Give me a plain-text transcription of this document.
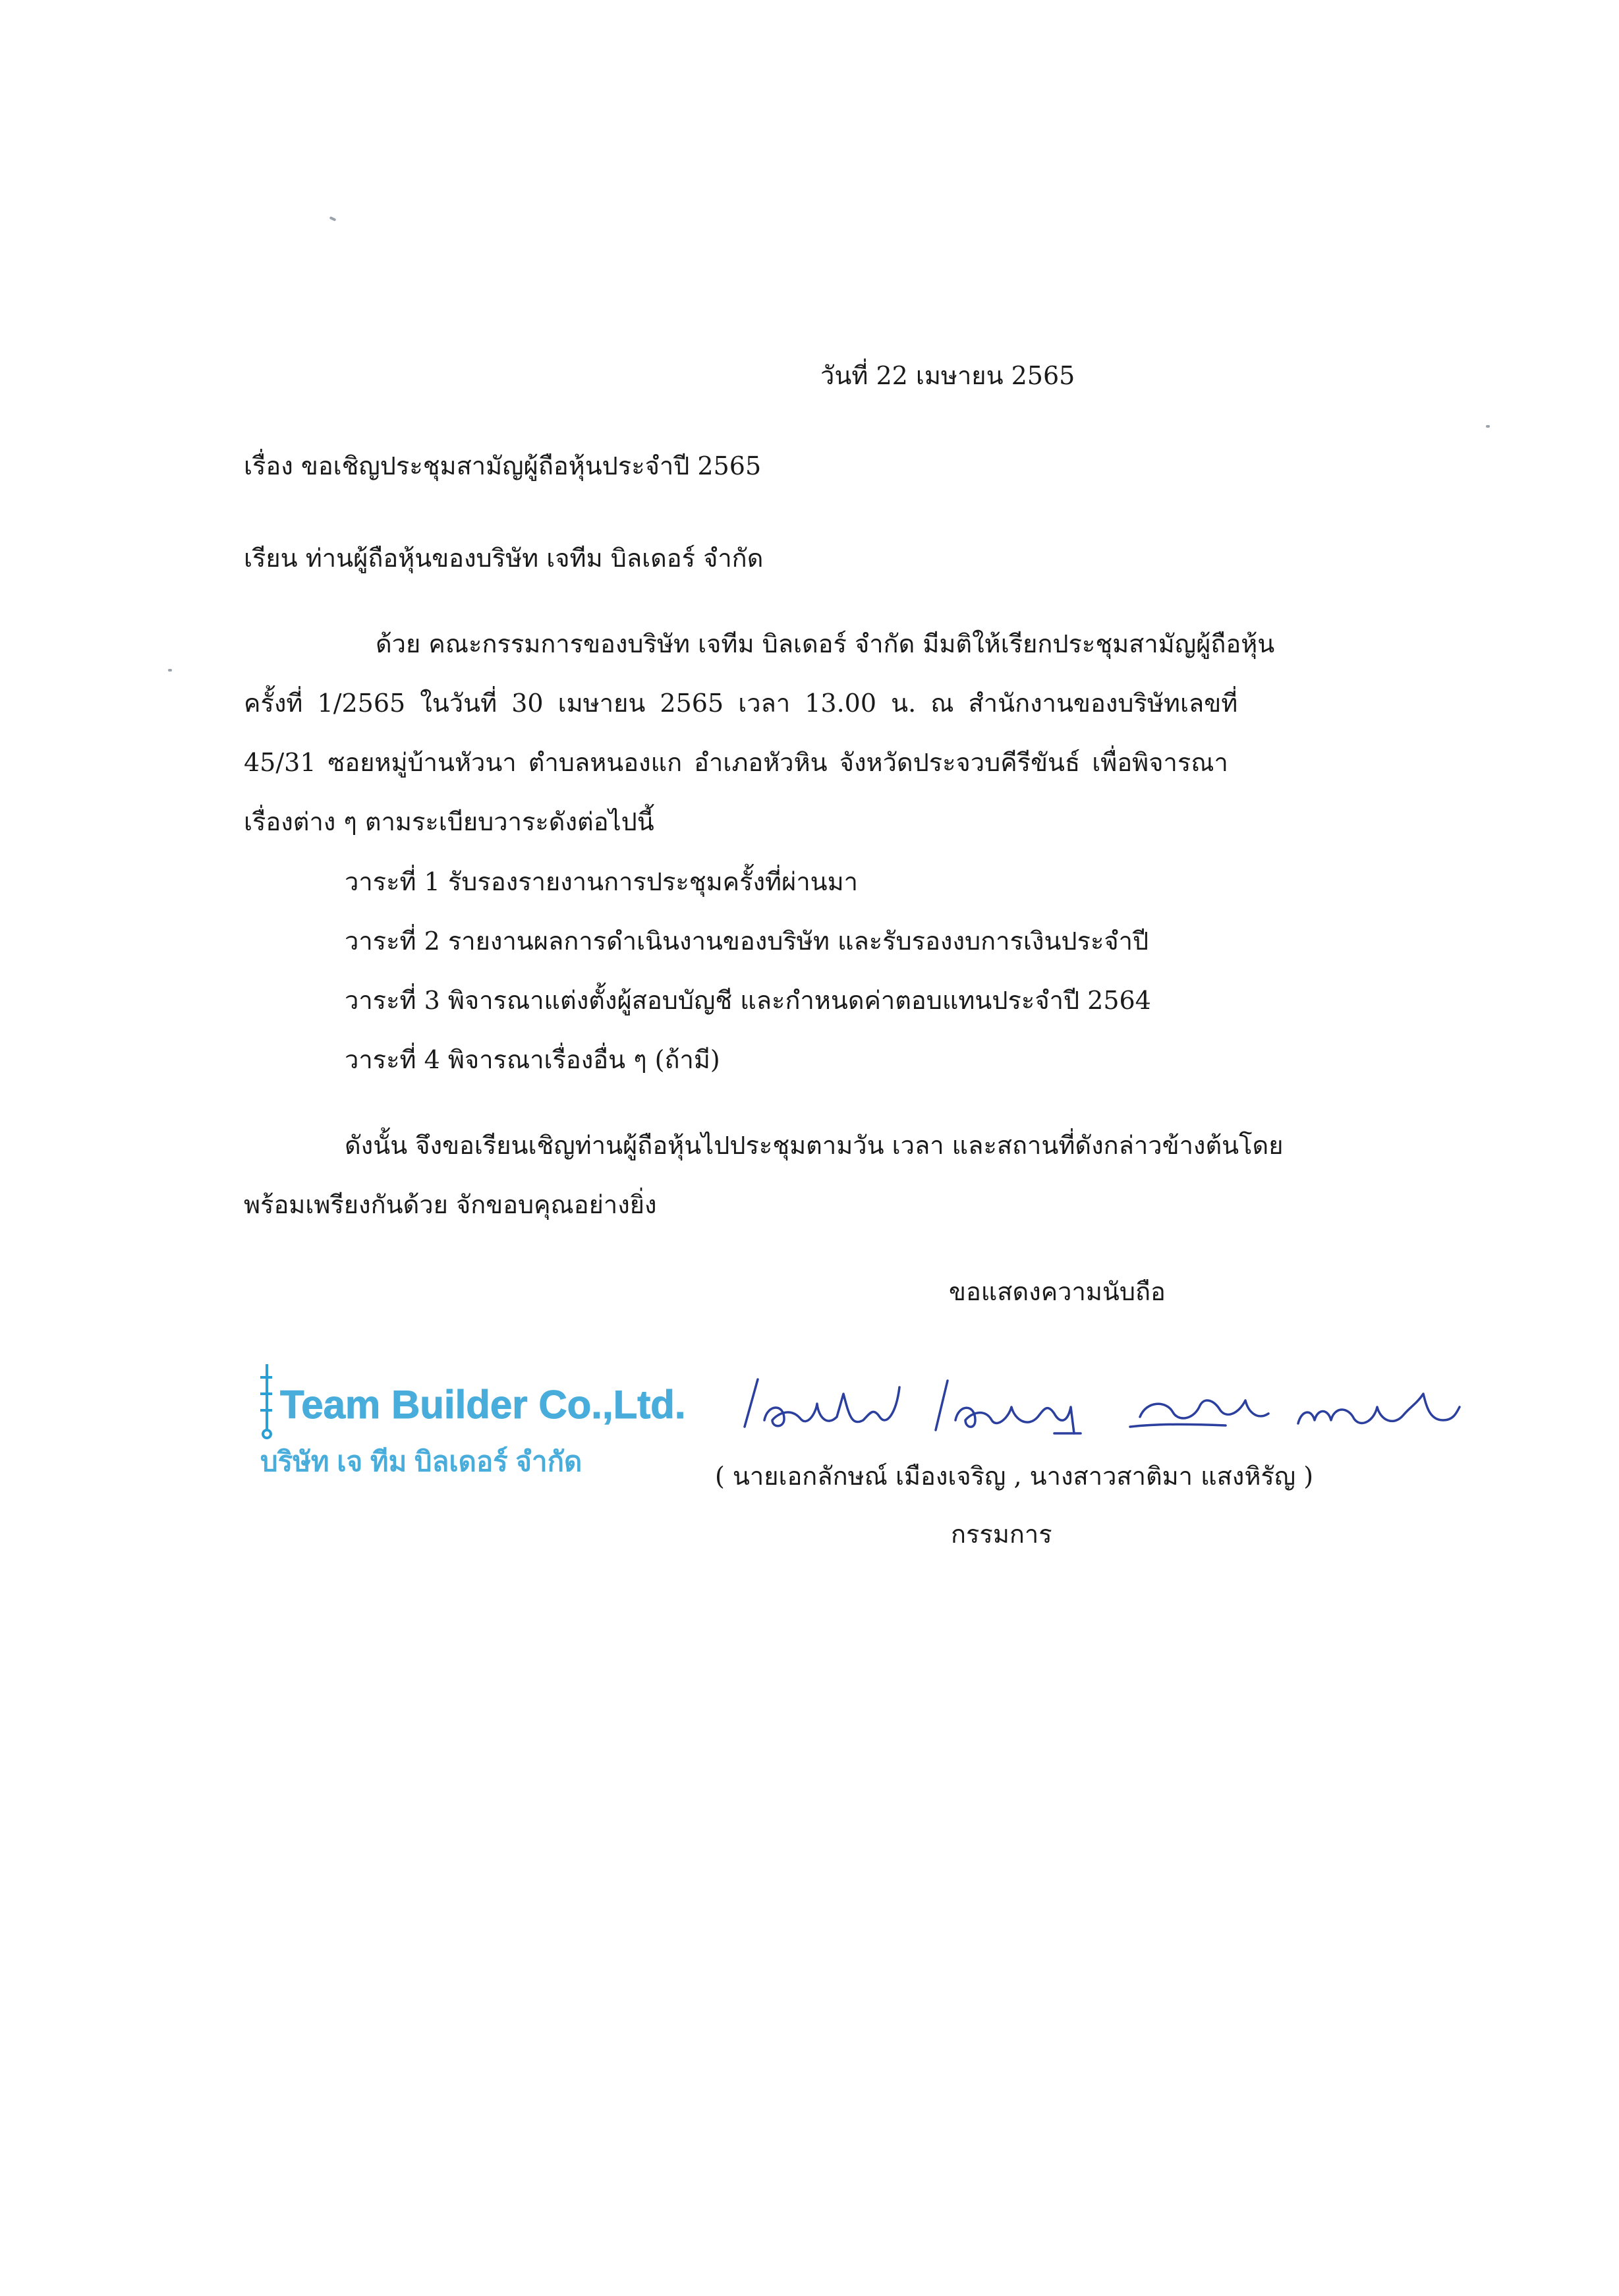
วันที่ 22 เมษายน 2565
เรื่อง ขอเชิญประชุมสามัญผู้ถือหุ้นประจำปี 2565
เรียน ท่านผู้ถือหุ้นของบริษัท เจทีม บิลเดอร์ จำกัด
ด้วย คณะกรรมการของบริษัท เจทีม บิลเดอร์ จำกัด มีมติให้เรียกประชุมสามัญผู้ถือหุ้น
ครั้งที่ 1/2565 ในวันที่ 30 เมษายน 2565 เวลา 13.00 น. ณ สำนักงานของบริษัทเลขที่
45/31 ซอยหมู่บ้านหัวนา ตำบลหนองแก อำเภอหัวหิน จังหวัดประจวบคีรีขันธ์ เพื่อพิจารณา
เรื่องต่าง ๆ ตามระเบียบวาระดังต่อไปนี้
วาระที่ 1 รับรองรายงานการประชุมครั้งที่ผ่านมา
วาระที่ 2 รายงานผลการดำเนินงานของบริษัท และรับรองงบการเงินประจำปี
วาระที่ 3 พิจารณาแต่งตั้งผู้สอบบัญชี และกำหนดค่าตอบแทนประจำปี 2564
วาระที่ 4 พิจารณาเรื่องอื่น ๆ (ถ้ามี)
ดังนั้น จึงขอเรียนเชิญท่านผู้ถือหุ้นไปประชุมตามวัน เวลา และสถานที่ดังกล่าวข้างต้นโดย
พร้อมเพรียงกันด้วย จักขอบคุณอย่างยิ่ง
ขอแสดงความนับถือ
Team Builder Co.,Ltd.
บริษัท เจ ทีม บิลเดอร์ จำกัด
เอกลักษณ์ เมืองเจริญ สาติมา แสงหิรัญ
( นายเอกลักษณ์ เมืองเจริญ , นางสาวสาติมา แสงหิรัญ )
กรรมการ
